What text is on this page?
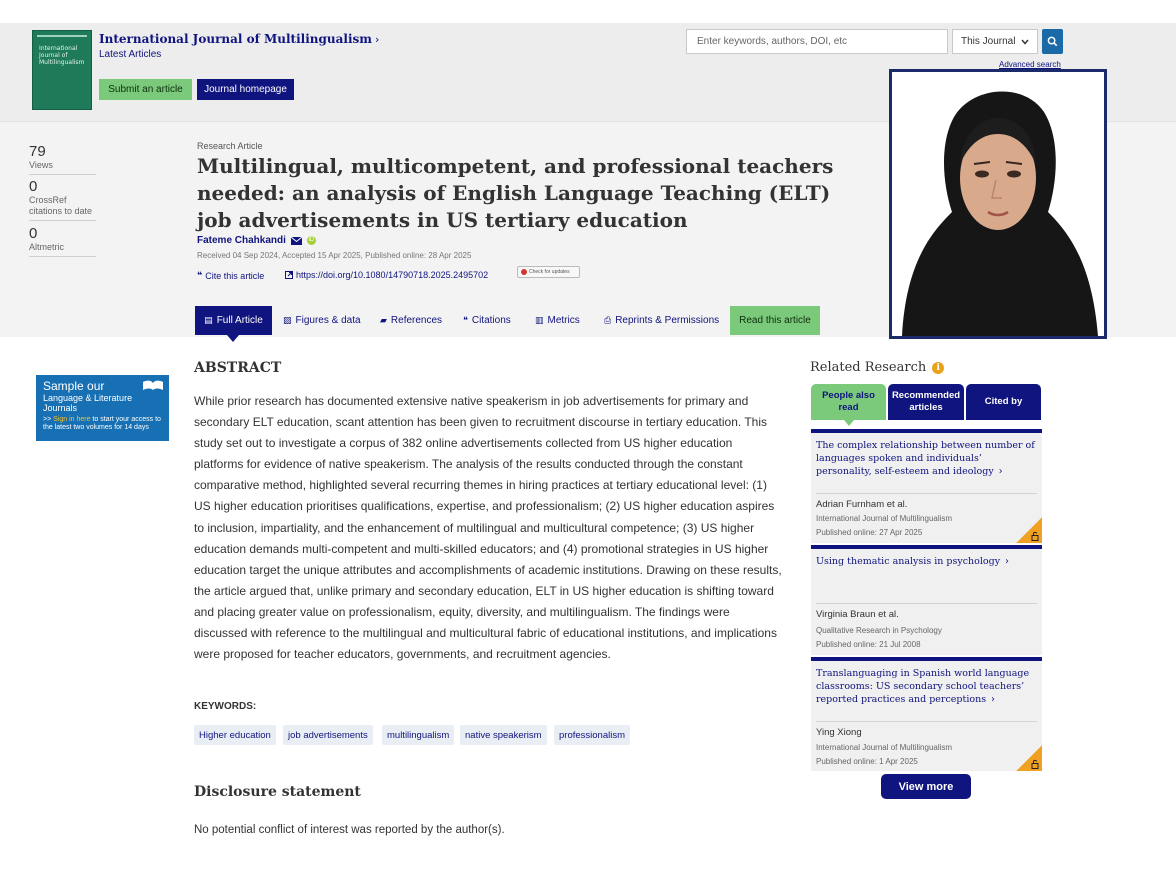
International
Journal of
Multilingualism
International Journal of Multilingualism ›
Latest Articles
Submit an article	Journal homepage
Enter keywords, authors, DOI, etc
This Journal
Advanced search
79
Views
0
CrossRef citations to date
0
Altmetric
Research Article
Multilingual, multicompetent, and professional teachers needed: an analysis of English Language Teaching (ELT) job advertisements in US tertiary education
Fateme Chahkandi	iD
Received 04 Sep 2024, Accepted 15 Apr 2025, Published online: 28 Apr 2025
❝ Cite this article	https://doi.org/10.1080/14790718.2025.2495702	Check for updates
▤ Full Article ▨ Figures & data ▰ References ❝ Citations	▥ Metrics	⎙ Reprints & Permissions Read this article
Sample our
Language & Literature
Journals
>> Sign in here to start your access to the latest two volumes for 14 days
ABSTRACT

While prior research has documented extensive native speakerism in job advertisements for primary and secondary ELT education, scant attention has been given to recruitment discourse in tertiary education. This study set out to investigate a corpus of 382 online advertisements collected from US higher education platforms for evidence of native speakerism. The analysis of the results conducted through the constant comparative method, highlighted several recurring themes in hiring practices at tertiary educational level: (1) US higher education prioritises qualifications, expertise, and professionalism; (2) US higher education aspires to inclusion, impartiality, and the enhancement of multilingual and multicultural competence; (3) US higher education demands multi-competent and multi-skilled educators; and (4) promotional strategies in US higher education target the unique attributes and accomplishments of academic institutions. Drawing on these results, the article argued that, unlike primary and secondary education, ELT in US higher education is shifting toward and placing greater value on professionalism, equity, diversity, and multilingualism. The findings were discussed with reference to the multilingual and multicultural fabric of educational institutions, and implications were proposed for teacher educators, governments, and recruitment agencies.

KEYWORDS:
Higher education	job advertisements	multilingualism	native speakerism	professionalism
Disclosure statement

No potential conflict of interest was reported by the author(s).

Related Research	i
People also read
Recommended articles
Cited by
The complex relationship between number of languages spoken and individuals’ personality, self-esteem and ideology ›
Adrian Furnham et al.
International Journal of Multilingualism
Published online: 27 Apr 2025
Using thematic analysis in psychology ›
Virginia Braun et al.
Qualitative Research in Psychology
Published online: 21 Jul 2008
Translanguaging in Spanish world language classrooms: US secondary school teachers’ reported practices and perceptions ›
Ying Xiong
International Journal of Multilingualism
Published online: 1 Apr 2025
View more
